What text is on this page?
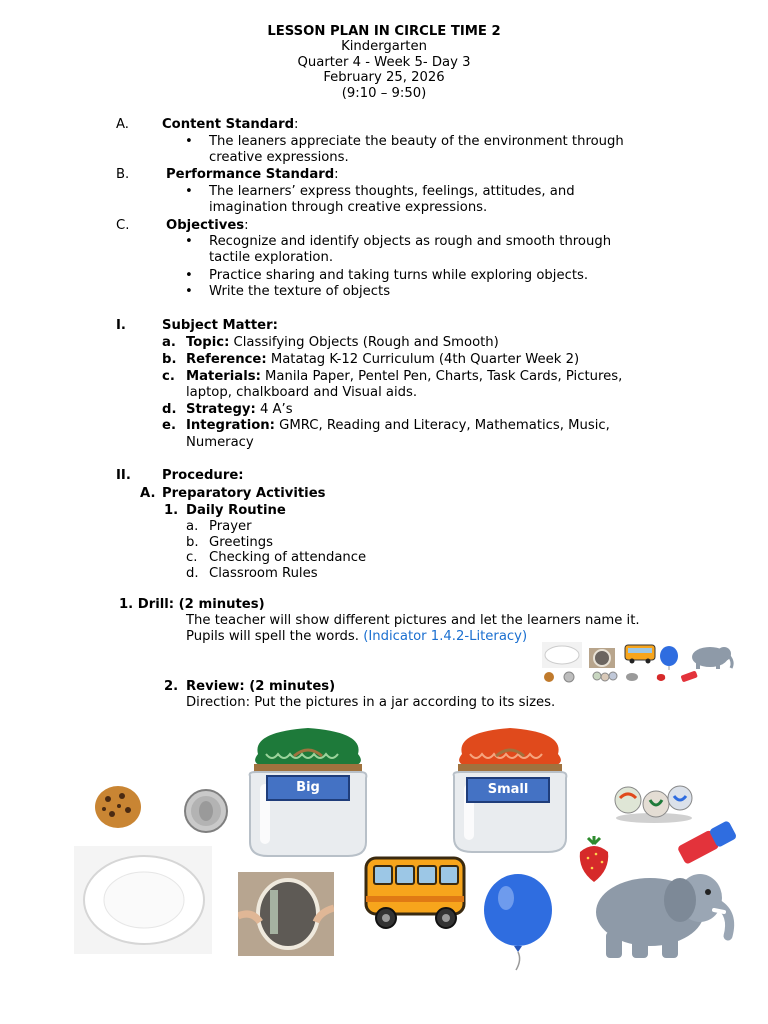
LESSON PLAN IN CIRCLE TIME 2
Kindergarten
Quarter 4 - Week 5- Day 3
February 25, 2026
(9:10 – 9:50)
A.	Content Standard:
• The leaners appreciate the beauty of the environment through
creative expressions.
B.	Performance Standard:
• The learners’ express thoughts, feelings, attitudes, and
imagination through creative expressions.
C.	Objectives:
• Recognize and identify objects as rough and smooth through
tactile exploration.
• Practice sharing and taking turns while exploring objects.
• Write the texture of objects
I.	Subject Matter:
a. Topic: Classifying Objects (Rough and Smooth)
b. Reference: Matatag K-12 Curriculum (4th Quarter Week 2)
c. Materials: Manila Paper, Pentel Pen, Charts, Task Cards, Pictures,
laptop, chalkboard and Visual aids.
d. Strategy: 4 A’s
e. Integration: GMRC, Reading and Literacy, Mathematics, Music,
Numeracy
II. Procedure:
A. Preparatory Activities
1. Daily Routine
a. Prayer
b. Greetings
c. Checking of attendance
d. Classroom Rules
1. Drill: (2 minutes)
The teacher will show different pictures and let the learners name it.
Pupils will spell the words. (Indicator 1.4.2-Literacy)
2. Review: (2 minutes)
Direction: Put the pictures in a jar according to its sizes.
Big	Small
